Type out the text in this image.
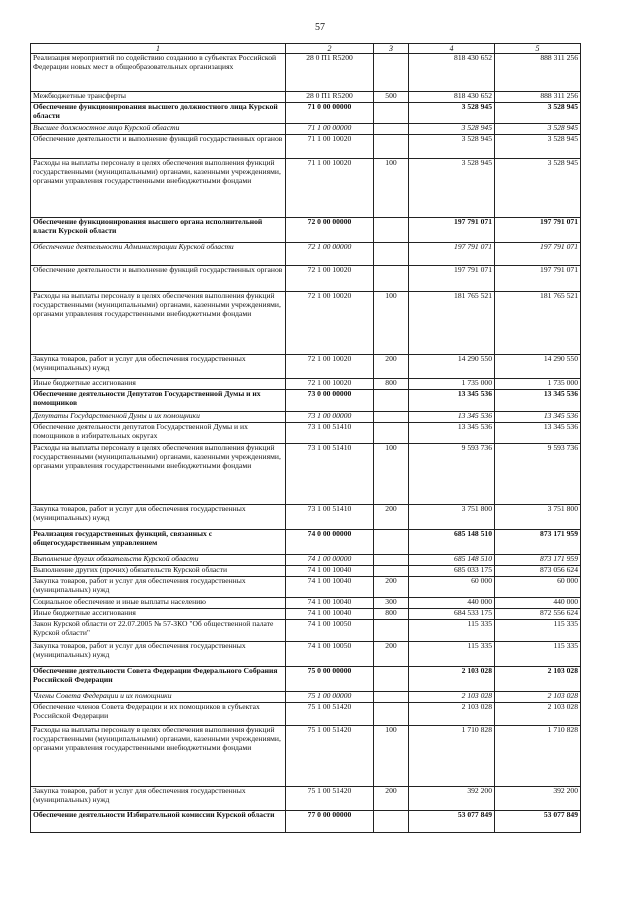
57
1	2	3	4	5
Реализация мероприятий по содействию созданию в субъектах Российской Федерации новых мест в общеобразовательных организациях	28 0 П1 R5200		818 430 652	888 311 256
Межбюджетные трансферты	28 0 П1 R5200	500	818 430 652	888 311 256
Обеспечение функционирования высшего должностного лица Курской области	71 0 00 00000		3 528 945	3 528 945
Высшее должностное лицо Курской области	71 1 00 00000		3 528 945	3 528 945
Обеспечение деятельности и выполнение функций государственных органов	71 1 00 10020		3 528 945	3 528 945
Расходы на выплаты персоналу в целях обеспечения выполнения функций государственными (муниципальными) органами, казенными учреждениями, органами управления государственными внебюджетными фондами	71 1 00 10020	100	3 528 945	3 528 945
Обеспечение функционирования высшего органа исполнительной власти Курской области	72 0 00 00000		197 791 071	197 791 071
Обеспечение деятельности Администрации Курской области	72 1 00 00000		197 791 071	197 791 071
Обеспечение деятельности и выполнение функций государственных органов	72 1 00 10020		197 791 071	197 791 071
Расходы на выплаты персоналу в целях обеспечения выполнения функций государственными (муниципальными) органами, казенными учреждениями, органами управления государственными внебюджетными фондами	72 1 00 10020	100	181 765 521	181 765 521
Закупка товаров, работ и услуг для обеспечения государственных (муниципальных) нужд	72 1 00 10020	200	14 290 550	14 290 550
Иные бюджетные ассигнования	72 1 00 10020	800	1 735 000	1 735 000
Обеспечение деятельности Депутатов Государственной Думы и их помощников	73 0 00 00000		13 345 536	13 345 536
Депутаты Государственной Думы и их помощники	73 1 00 00000		13 345 536	13 345 536
Обеспечение деятельности депутатов Государственной Думы и их помощников в избирательных округах	73 1 00 51410		13 345 536	13 345 536
Расходы на выплаты персоналу в целях обеспечения выполнения функций государственными (муниципальными) органами, казенными учреждениями, органами управления государственными внебюджетными фондами	73 1 00 51410	100	9 593 736	9 593 736
Закупка товаров, работ и услуг для обеспечения государственных (муниципальных) нужд	73 1 00 51410	200	3 751 800	3 751 800
Реализация государственных функций, связанных с общегосударственным управлением	74 0 00 00000		685 148 510	873 171 959
Выполнение других обязательств Курской области	74 1 00 00000		685 148 510	873 171 959
Выполнение других (прочих) обязательств Курской области	74 1 00 10040		685 033 175	873 056 624
Закупка товаров, работ и услуг для обеспечения государственных (муниципальных) нужд	74 1 00 10040	200	60 000	60 000
Социальное обеспечение и иные выплаты населению	74 1 00 10040	300	440 000	440 000
Иные бюджетные ассигнования	74 1 00 10040	800	684 533 175	872 556 624
Закон Курской области от 22.07.2005 № 57-ЗКО "Об общественной палате Курской области"	74 1 00 10050		115 335	115 335
Закупка товаров, работ и услуг для обеспечения государственных (муниципальных) нужд	74 1 00 10050	200	115 335	115 335
Обеспечение деятельности Совета Федерации Федерального Собрания Российской Федерации	75 0 00 00000		2 103 028	2 103 028
Члены Совета Федерации и их помощники	75 1 00 00000		2 103 028	2 103 028
Обеспечение членов Совета Федерации и их помощников в субъектах Российской Федерации	75 1 00 51420		2 103 028	2 103 028
Расходы на выплаты персоналу в целях обеспечения выполнения функций государственными (муниципальными) органами, казенными учреждениями, органами управления государственными внебюджетными фондами	75 1 00 51420	100	1 710 828	1 710 828
Закупка товаров, работ и услуг для обеспечения государственных (муниципальных) нужд	75 1 00 51420	200	392 200	392 200
Обеспечение деятельности Избирательной комиссии Курской области	77 0 00 00000		53 077 849	53 077 849
